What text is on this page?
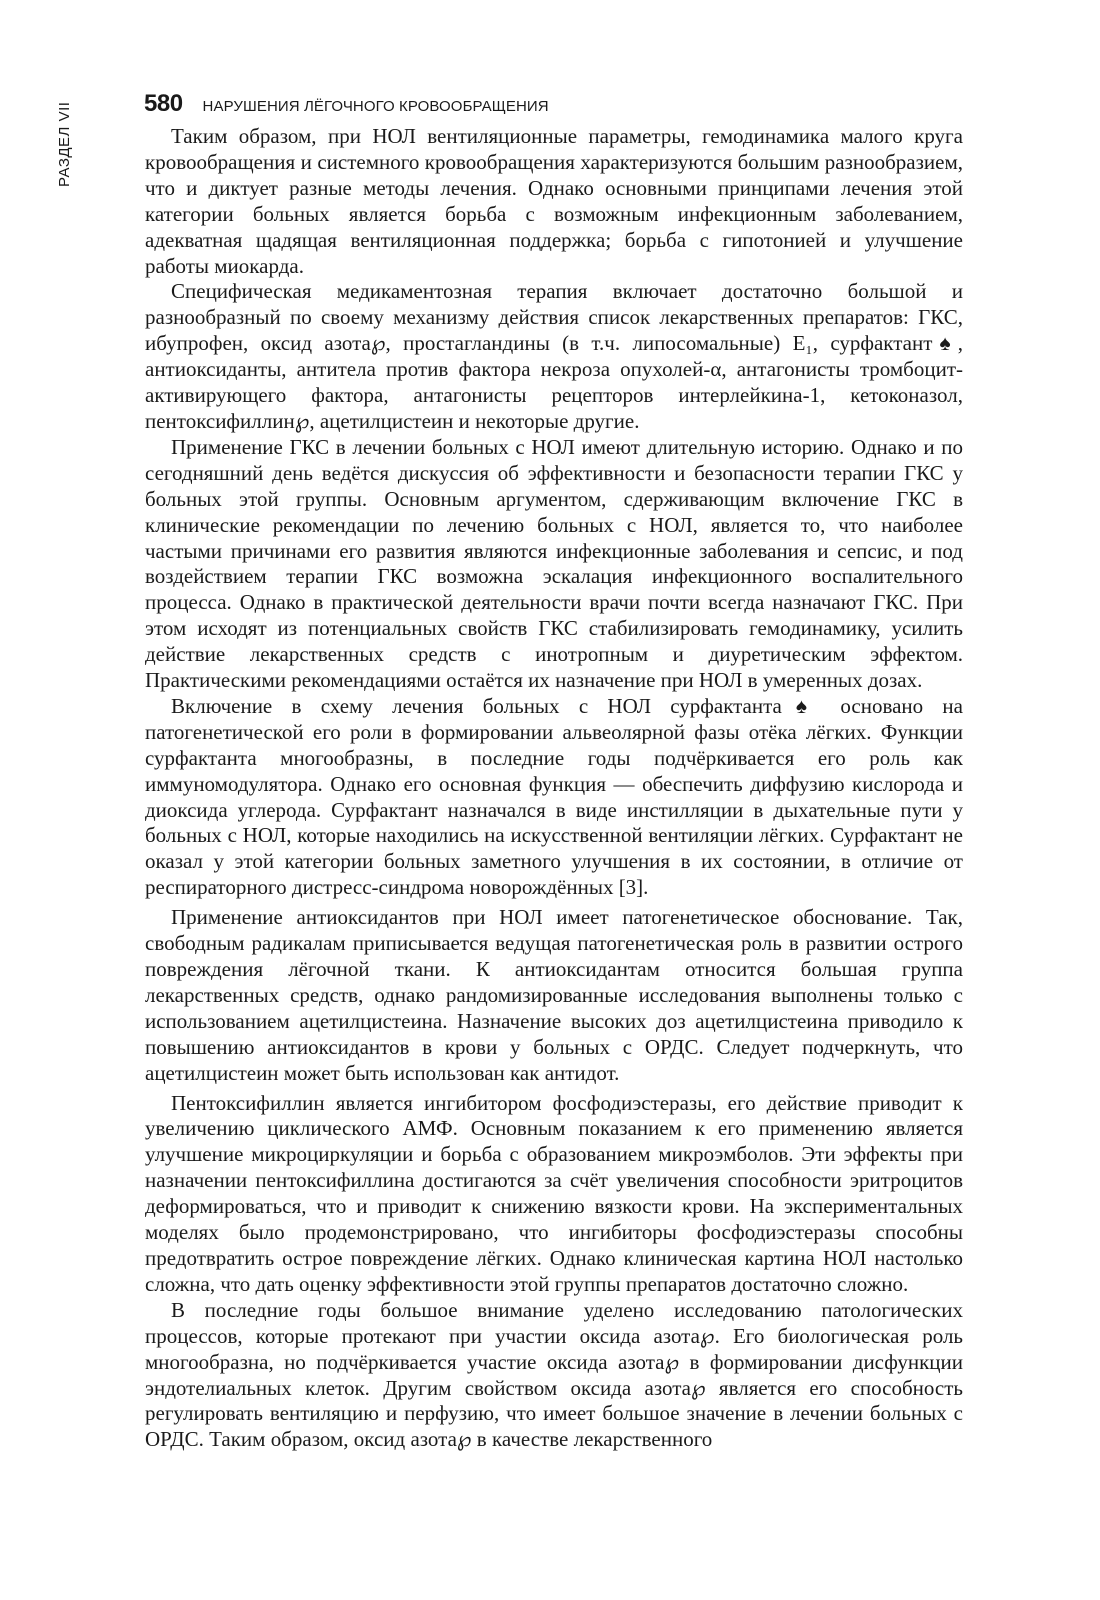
РАЗДЕЛ VII	580 НАРУШЕНИЯ ЛЁГОЧНОГО КРОВООБРАЩЕНИЯ

Таким образом, при НОЛ вентиляционные параметры, гемодинамика малого круга кровообращения и системного кровообращения характеризуются большим разнообразием, что и диктует разные методы лечения. Однако основными принципами лечения этой категории больных является борьба с возможным инфекционным заболеванием, адекватная щадящая вентиляционная поддержка; борьба с гипотонией и улучшение работы миокарда.

Специфическая медикаментозная терапия включает достаточно большой и разнообразный по своему механизму действия список лекарственных препаратов: ГКС, ибупрофен, оксид азота℘, простагландины (в т.ч. липосомальные) E₁, сурфактант♠, антиоксиданты, антитела против фактора некроза опухолей-α, антагонисты тромбоцит-активирующего фактора, антагонисты рецепторов интерлейкина-1, кетоконазол, пентоксифиллин℘, ацетилцистеин и некоторые другие.

Применение ГКС в лечении больных с НОЛ имеют длительную историю. Однако и по сегодняшний день ведётся дискуссия об эффективности и безопасности терапии ГКС у больных этой группы. Основным аргументом, сдерживающим включение ГКС в клинические рекомендации по лечению больных с НОЛ, является то, что наиболее частыми причинами его развития являются инфекционные заболевания и сепсис, и под воздействием терапии ГКС возможна эскалация инфекционного воспалительного процесса. Однако в практической деятельности врачи почти всегда назначают ГКС. При этом исходят из потенциальных свойств ГКС стабилизировать гемодинамику, усилить действие лекарственных средств с инотропным и диуретическим эффектом. Практическими рекомендациями остаётся их назначение при НОЛ в умеренных дозах.

Включение в схему лечения больных с НОЛ сурфактанта♠ основано на патогенетической его роли в формировании альвеолярной фазы отёка лёгких. Функции сурфактанта многообразны, в последние годы подчёркивается его роль как иммуномодулятора. Однако его основная функция — обеспечить диффузию кислорода и диоксида углерода. Сурфактант назначался в виде инстилляции в дыхательные пути у больных с НОЛ, которые находились на искусственной вентиляции лёгких. Сурфактант не оказал у этой категории больных заметного улучшения в их состоянии, в отличие от респираторного дистресс-синдрома новорождённых [3].

Применение антиоксидантов при НОЛ имеет патогенетическое обоснование. Так, свободным радикалам приписывается ведущая патогенетическая роль в развитии острого повреждения лёгочной ткани. К антиоксидантам относится большая группа лекарственных средств, однако рандомизированные исследования выполнены только с использованием ацетилцистеина. Назначение высоких доз ацетилцистеина приводило к повышению антиоксидантов в крови у больных с ОРДС. Следует подчеркнуть, что ацетилцистеин может быть использован как антидот.

Пентоксифиллин является ингибитором фосфодиэстеразы, его действие приводит к увеличению циклического АМФ. Основным показанием к его применению является улучшение микроциркуляции и борьба с образованием микроэмболов. Эти эффекты при назначении пентоксифиллина достигаются за счёт увеличения способности эритроцитов деформироваться, что и приводит к снижению вязкости крови. На экспериментальных моделях было продемонстрировано, что ингибиторы фосфодиэстеразы способны предотвратить острое повреждение лёгких. Однако клиническая картина НОЛ настолько сложна, что дать оценку эффективности этой группы препаратов достаточно сложно.

В последние годы большое внимание уделено исследованию патологических процессов, которые протекают при участии оксида азота℘. Его биологическая роль многообразна, но подчёркивается участие оксида азота℘ в формировании дисфункции эндотелиальных клеток. Другим свойством оксида азота℘ является его способность регулировать вентиляцию и перфузию, что имеет большое значение в лечении больных с ОРДС. Таким образом, оксид азота℘ в качестве лекарственного
